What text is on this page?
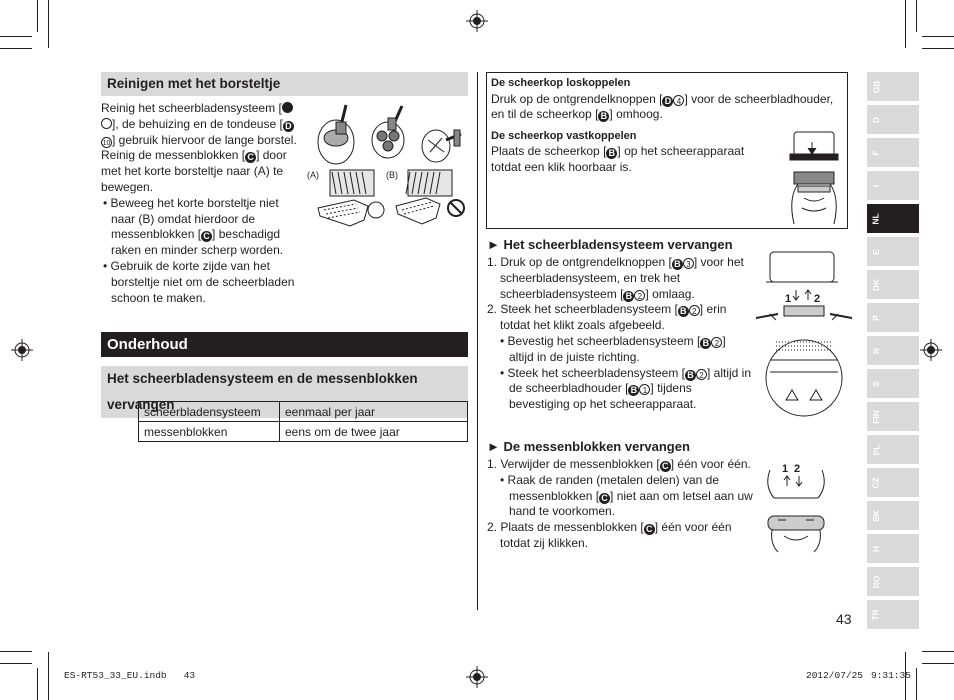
Reinigen met het borsteltje

Reinig het scheerbladensysteem [], de behuizing en de tondeuse [ D10 ] gebruik hiervoor de lange borstel.

Reinig de messenblokken [ C ] door met het korte borsteltje naar (A) te bewegen.

• Beweeg het korte borsteltje niet naar (B) omdat hierdoor de messenblokken [ C ] beschadigd raken en minder scherp worden.

• Gebruik de korte zijde van het borsteltje niet om de scheerbladen schoon te maken.

(A)	(B)
Onderhoud
Het scheerbladensysteem en de messenblokken vervangen
scheerbladensysteem	eenmaal per jaar
messenblokken	eens om de twee jaar

De scheerkop loskoppelen

Druk op de ontgrendelknoppen [ D 4 ] voor de scheerbladhouder, en til de scheerkop [ B ] omhoog.

De scheerkop vastkoppelen

Plaats de scheerkop [ B ] op het scheerapparaat totdat een klik hoorbaar is.

► Het scheerbladensysteem vervangen

1. Druk op de ontgrendelknoppen [ B 3 ] voor het scheerbladensysteem, en trek het scheerbladensysteem [ B 2 ] omlaag.

2. Steek het scheerbladensysteem [ B 2 ] erin totdat het klikt zoals afgebeeld.

• Bevestig het scheerbladensysteem [ B 2 ] altijd in de juiste richting.

• Steek het scheerbladensysteem [ B 2 ] altijd in de scheerbladhouder [ B 1 ] tijdens bevestiging op het scheerapparaat.

1 2
► De messenblokken vervangen

1. Verwijder de messenblokken [ C ] één voor één.

• Raak de randen (metalen delen) van de messenblokken [ C ] niet aan om letsel aan uw hand te voorkomen.

2. Plaats de messenblokken [ C ] één voor één totdat zij klikken.

1 2
GB
D
F
I
NL
E
DK
P
N
S
FIN
PL
CZ
SK
H
RO
TR
43
ES-RT53_33_EU.indb   43	2012/07/25 9:31:35
